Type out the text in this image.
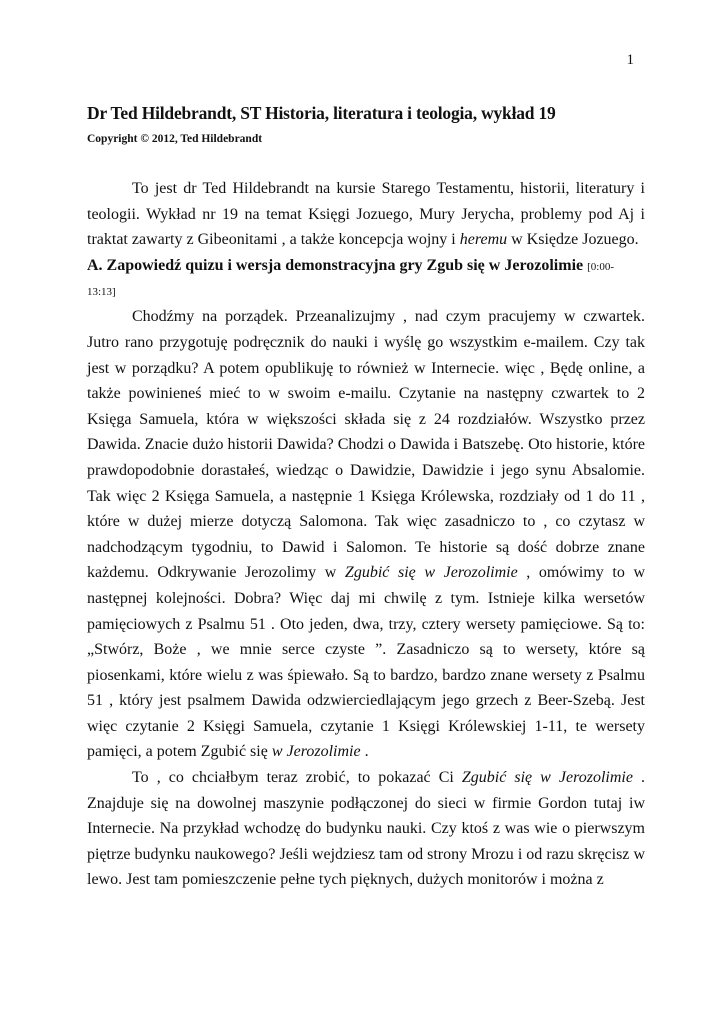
1
Dr Ted Hildebrandt, ST Historia, literatura i teologia, wykład 19
Copyright © 2012, Ted Hildebrandt

To jest dr Ted Hildebrandt na kursie Starego Testamentu, historii, literatury i teologii. Wykład nr 19 na temat Księgi Jozuego, Mury Jerycha, problemy pod Aj i traktat zawarty z Gibeonitami , a także koncepcja wojny i heremu w Księdze Jozuego.

A. Zapowiedź quizu i wersja demonstracyjna gry Zgub się w Jerozolimie [0:00-
13:13]

Chodźmy na porządek. Przeanalizujmy , nad czym pracujemy w czwartek. Jutro rano przygotuję podręcznik do nauki i wyślę go wszystkim e-mailem. Czy tak jest w porządku? A potem opublikuję to również w Internecie. więc , Będę online, a także powinieneś mieć to w swoim e-mailu. Czytanie na następny czwartek to 2 Księga Samuela, która w większości składa się z 24 rozdziałów. Wszystko przez Dawida. Znacie dużo historii Dawida? Chodzi o Dawida i Batszebę. Oto historie, które prawdopodobnie dorastałeś, wiedząc o Dawidzie, Dawidzie i jego synu Absalomie. Tak więc 2 Księga Samuela, a następnie 1 Księga Królewska, rozdziały od 1 do 11 , które w dużej mierze dotyczą Salomona. Tak więc zasadniczo to , co czytasz w nadchodzącym tygodniu, to Dawid i Salomon. Te historie są dość dobrze znane każdemu. Odkrywanie Jerozolimy w Zgubić się w Jerozolimie , omówimy to w następnej kolejności. Dobra? Więc daj mi chwilę z tym. Istnieje kilka wersetów pamięciowych z Psalmu 51 . Oto jeden, dwa, trzy, cztery wersety pamięciowe. Są to: „Stwórz, Boże , we mnie serce czyste ”. Zasadniczo są to wersety, które są piosenkami, które wielu z was śpiewało. Są to bardzo, bardzo znane wersety z Psalmu 51 , który jest psalmem Dawida odzwierciedlającym jego grzech z Beer-Szebą. Jest więc czytanie 2 Księgi Samuela, czytanie 1 Księgi Królewskiej 1-11, te wersety pamięci, a potem Zgubić się w Jerozolimie .

To , co chciałbym teraz zrobić, to pokazać Ci Zgubić się w Jerozolimie . Znajduje się na dowolnej maszynie podłączonej do sieci w firmie Gordon tutaj iw Internecie. Na przykład wchodzę do budynku nauki. Czy ktoś z was wie o pierwszym piętrze budynku naukowego? Jeśli wejdziesz tam od strony Mrozu i od razu skręcisz w lewo. Jest tam pomieszczenie pełne tych pięknych, dużych monitorów i można z
